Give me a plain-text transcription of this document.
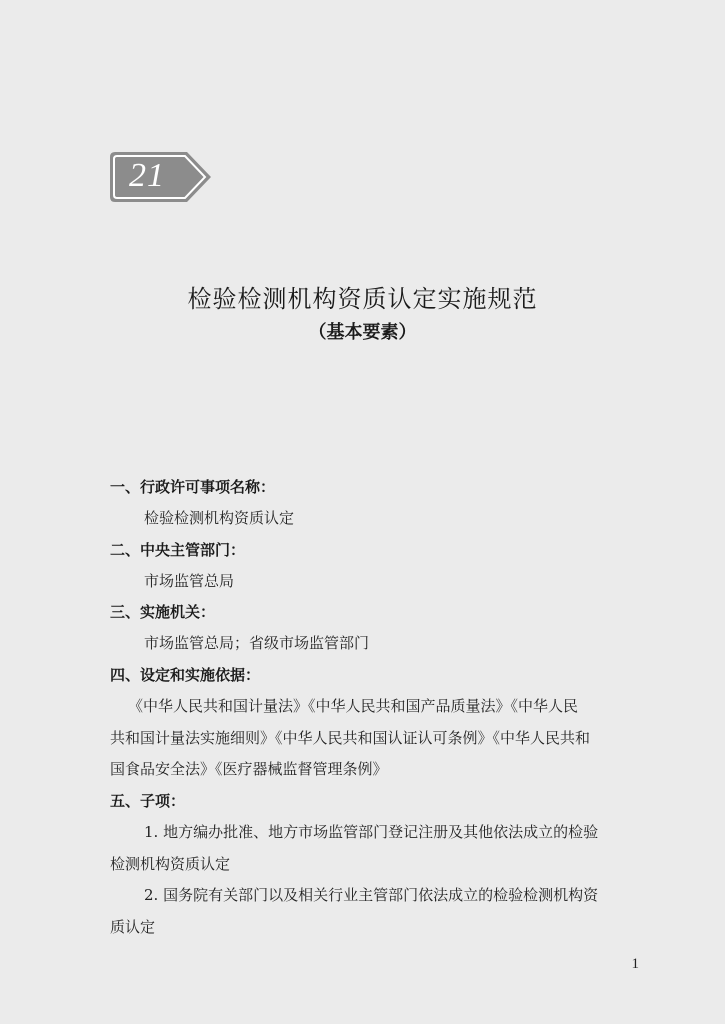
21
检验检测机构资质认定实施规范
（基本要素）
一、行政许可事项名称：
检验检测机构资质认定
二、中央主管部门：
市场监管总局
三、实施机关：
市场监管总局；省级市场监管部门
四、设定和实施依据：
《中华人民共和国计量法》《中华人民共和国产品质量法》《中华人民
共和国计量法实施细则》《中华人民共和国认证认可条例》《中华人民共和
国食品安全法》《医疗器械监督管理条例》
五、子项：
1. 地方编办批准、地方市场监管部门登记注册及其他依法成立的检验
检测机构资质认定
2. 国务院有关部门以及相关行业主管部门依法成立的检验检测机构资
质认定
1
